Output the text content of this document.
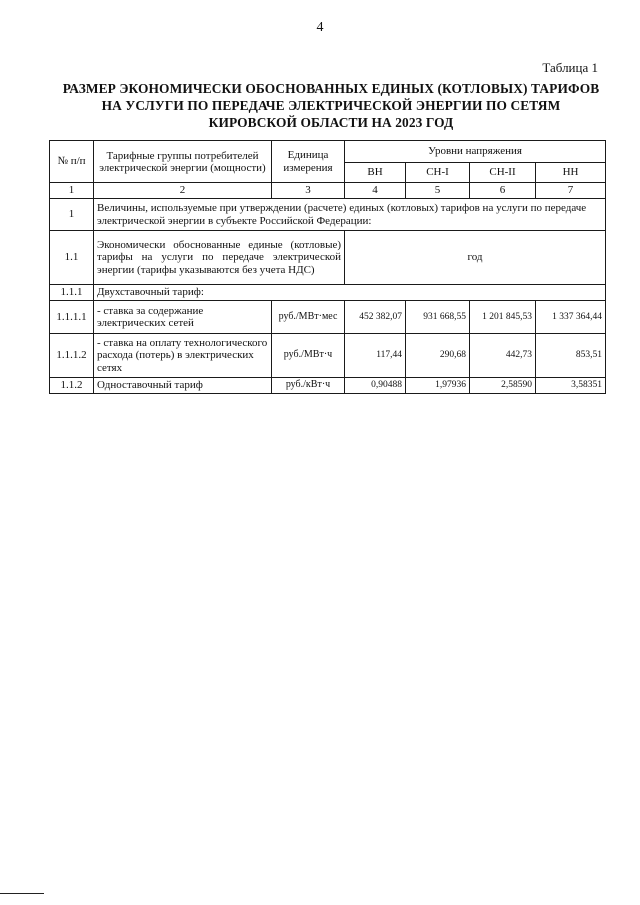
4
Таблица 1
РАЗМЕР ЭКОНОМИЧЕСКИ ОБОСНОВАННЫХ ЕДИНЫХ (КОТЛОВЫХ) ТАРИФОВ НА УСЛУГИ ПО ПЕРЕДАЧЕ ЭЛЕКТРИЧЕСКОЙ ЭНЕРГИИ ПО СЕТЯМ КИРОВСКОЙ ОБЛАСТИ НА 2023 ГОД
№ п/п	Тарифные группы потребителей электрической энергии (мощности)	Единица измерения	Уровни напряжения			
			ВН	СН-I	СН-II	НН
1	2	3	4	5	6	7
1	Величины, используемые при утверждении (расчете) единых (котловых) тарифов на услуги по передаче электрической энергии в субъекте Российской Федерации:					
1.1	Экономически обоснованные единые (котловые) тарифы на услуги по передаче электрической энергии (тарифы указываются без учета НДС)		год			
1.1.1	Двухставочный тариф:					
1.1.1.1	- ставка за содержание электрических сетей	руб./МВт·мес	452 382,07	931 668,55	1 201 845,53	1 337 364,44
1.1.1.2	- ставка на оплату технологического расхода (потерь) в электрических сетях	руб./МВт·ч	117,44	290,68	442,73	853,51
1.1.2	Одноставочный тариф	руб./кВт·ч	0,90488	1,97936	2,58590	3,58351
